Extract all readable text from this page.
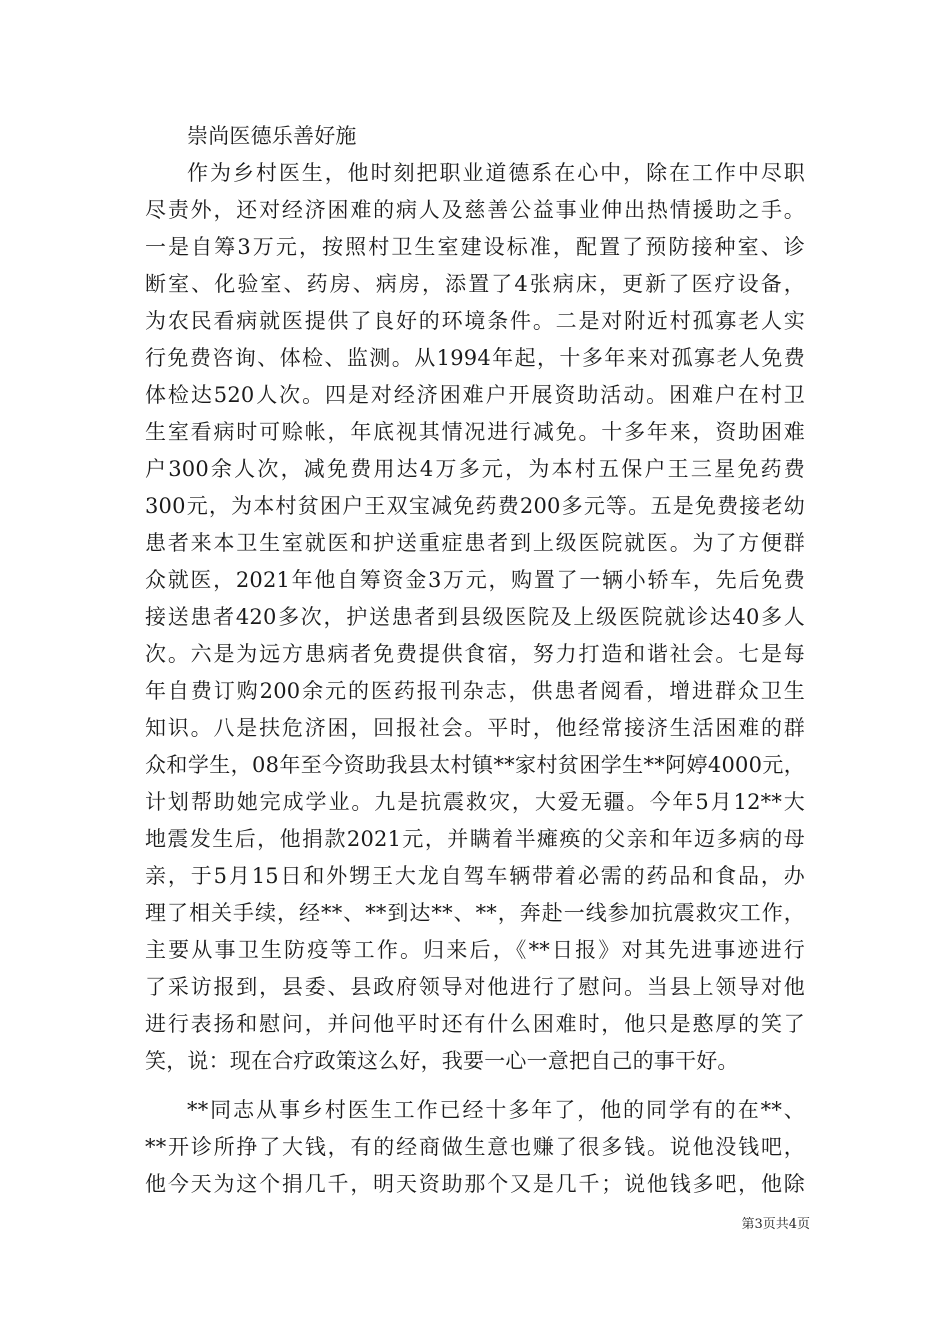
崇尚医德乐善好施
作为乡村医生，他时刻把职业道德系在心中，除在工作中尽职
尽责外，还对经济困难的病人及慈善公益事业伸出热情援助之手。
一是自筹3万元，按照村卫生室建设标准，配置了预防接种室、诊
断室、化验室、药房、病房，添置了4张病床，更新了医疗设备，
为农民看病就医提供了良好的环境条件。二是对附近村孤寡老人实
行免费咨询、体检、监测。从1994年起，十多年来对孤寡老人免费
体检达520人次。四是对经济困难户开展资助活动。困难户在村卫
生室看病时可赊帐，年底视其情况进行减免。十多年来，资助困难
户300余人次，减免费用达4万多元，为本村五保户王三星免药费
300元，为本村贫困户王双宝减免药费200多元等。五是免费接老幼
患者来本卫生室就医和护送重症患者到上级医院就医。为了方便群
众就医，2021年他自筹资金3万元，购置了一辆小轿车，先后免费
接送患者420多次，护送患者到县级医院及上级医院就诊达40多人
次。六是为远方患病者免费提供食宿，努力打造和谐社会。七是每
年自费订购200余元的医药报刊杂志，供患者阅看，增进群众卫生
知识。八是扶危济困，回报社会。平时，他经常接济生活困难的群
众和学生，08年至今资助我县太村镇**家村贫困学生**阿婷4000元，
计划帮助她完成学业。九是抗震救灾，大爱无疆。今年5月12**大
地震发生后，他捐款2021元，并瞒着半瘫痪的父亲和年迈多病的母
亲，于5月15日和外甥王大龙自驾车辆带着必需的药品和食品，办
理了相关手续，经**、**到达**、**，奔赴一线参加抗震救灾工作，
主要从事卫生防疫等工作。归来后，《**日报》对其先进事迹进行
了采访报到，县委、县政府领导对他进行了慰问。当县上领导对他
进行表扬和慰问，并问他平时还有什么困难时，他只是憨厚的笑了
笑，说：现在合疗政策这么好，我要一心一意把自己的事干好。
**同志从事乡村医生工作已经十多年了，他的同学有的在**、
**开诊所挣了大钱，有的经商做生意也赚了很多钱。说他没钱吧，
他今天为这个捐几千，明天资助那个又是几千；说他钱多吧，他除
第3页共4页
